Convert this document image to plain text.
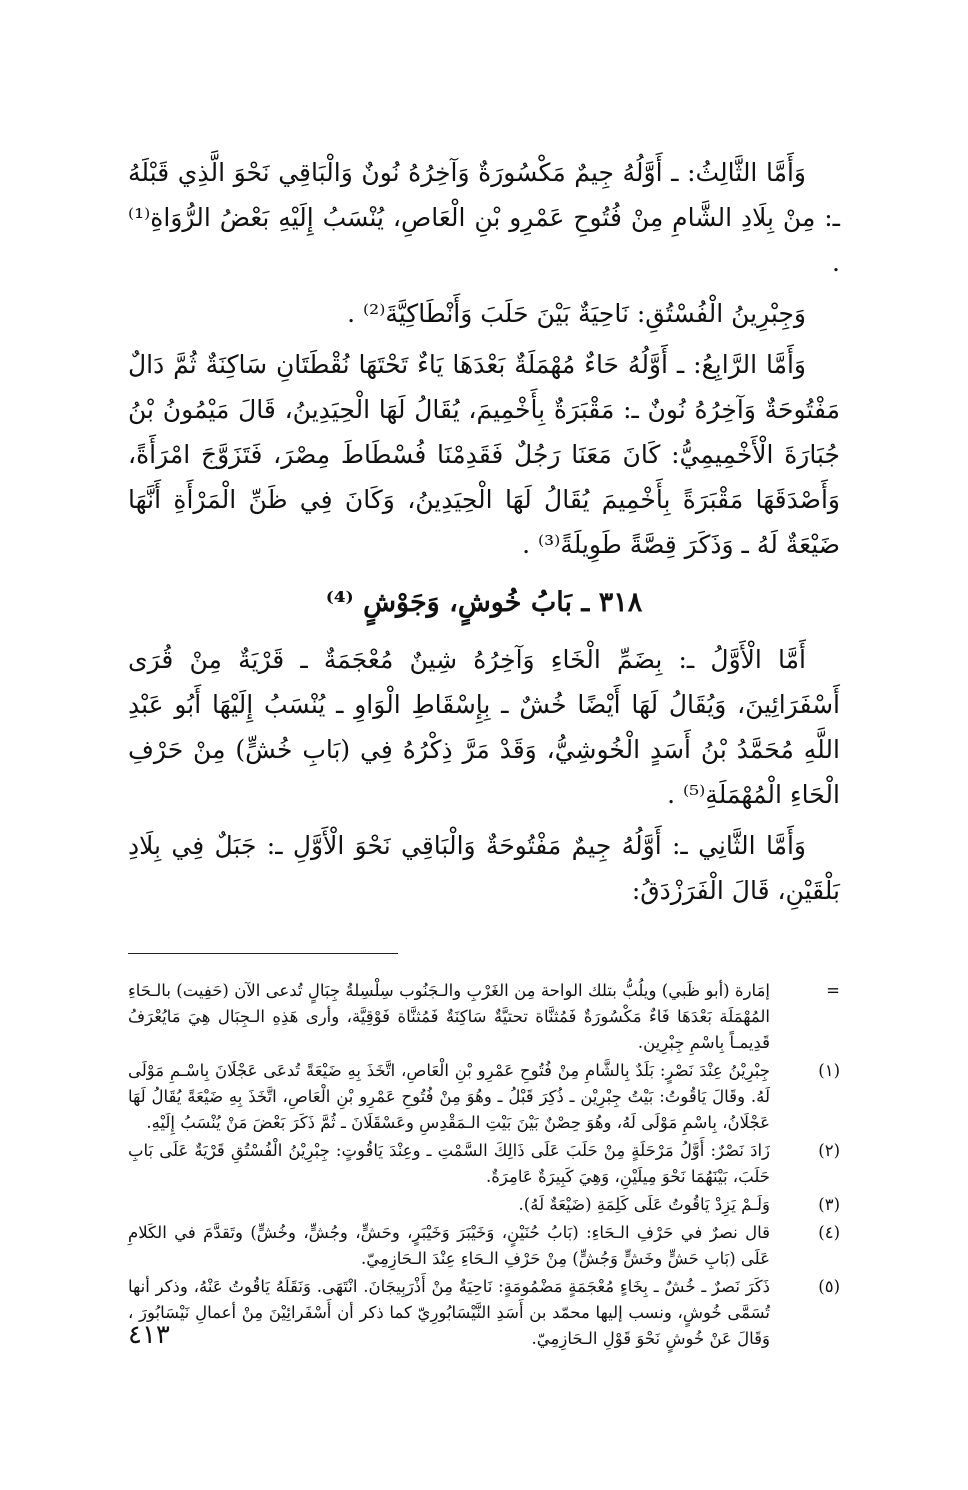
وَأَمَّا الثَّالِثُ: ـ أَوَّلُهُ جِيمٌ مَكْسُورَةٌ وَآخِرُهُ نُونٌ وَالْبَاقِي نَحْوَ الَّذِي قَبْلَهُ ـ: مِنْ بِلَادِ الشَّامِ مِنْ فُتُوحِ عَمْرِو بْنِ الْعَاصِ، يُنْسَبُ إِلَيْهِ بَعْضُ الرُّوَاةِ⁽¹⁾ .

وَجِبْرِينُ الْفُسْتُقِ: نَاحِيَةٌ بَيْنَ حَلَبَ وَأَنْطَاكِيَّةَ⁽²⁾ .

وَأَمَّا الرَّابِعُ: ـ أَوَّلُهُ حَاءٌ مُهْمَلَةٌ بَعْدَهَا يَاءٌ تَحْتَهَا نُقْطَتَانِ سَاكِنَةٌ ثُمَّ دَالٌ مَفْتُوحَةٌ وَآخِرُهُ نُونٌ ـ: مَقْبَرَةٌ بِأَخْمِيمَ، يُقَالُ لَهَا الْحِيَدِينُ، قَالَ مَيْمُونُ بْنُ جُبَارَةَ الْأَخْمِيمِيُّ: كَانَ مَعَنَا رَجُلٌ فَقَدِمْنَا فُسْطَاطَ مِصْرَ، فَتَزَوَّجَ امْرَأَةً، وَأَصْدَقَهَا مَقْبَرَةً بِأَخْمِيمَ يُقَالُ لَهَا الْحِيَدِينُ، وَكَانَ فِي ظَنِّ الْمَرْأَةِ أَنَّهَا ضَيْعَةٌ لَهُ ـ وَذَكَرَ قِصَّةً طَوِيلَةً⁽³⁾ .

٣١٨ ـ بَابُ خُوشٍ، وَجَوْشٍ ⁽⁴⁾

أَمَّا الْأَوَّلُ ـ: بِضَمِّ الْخَاءِ وَآخِرُهُ شِينٌ مُعْجَمَةٌ ـ قَرْيَةٌ مِنْ قُرَى أَسْفَرَائِينَ، وَيُقَالُ لَهَا أَيْضًا خُشٌ ـ بِإِسْقَاطِ الْوَاوِ ـ يُنْسَبُ إِلَيْهَا أَبُو عَبْدِ اللَّهِ مُحَمَّدُ بْنُ أَسَدٍ الْخُوشِيُّ، وَقَدْ مَرَّ ذِكْرُهُ فِي (بَابِ خُشٍّ) مِنْ حَرْفِ الْحَاءِ الْمُهْمَلَةِ⁽⁵⁾ .

وَأَمَّا الثَّانِي ـ: أَوَّلُهُ جِيمٌ مَفْتُوحَةٌ وَالْبَاقِي نَحْوَ الْأَوَّلِ ـ: جَبَلٌ فِي بِلَادِ بَلْقَيْنِ، قَالَ الْفَرَزْدَقُ:

=
إمَارة (أبو ظَبي) ويلُبُّ بتلك الواحة مِن الغَرْبِ والـجَنُوب سِلْسِلةُ جِبَالٍ تُدعى الآن (حَفِيت) بالـحَاءِ المُهْمَلَة بَعْدَهَا فَاءٌ مَكْسُورَةٌ فَمُثنَّاة تحتيَّةٌ سَاكِنَةٌ فَمُثنَّاة فَوْقِيَّة، وأرى هَذِهِ الـجِبَال هِيَ مَايُعْرَفُ قَدِيمـاً بِاسْمِ جِبْرِين.
(١)
جِبْرِيْنُ عِنْدَ نَصْرٍ: بَلَدٌ بِالشَّامِ مِنْ فُتُوحِ عَمْرِو بْنِ الْعَاصِ، اتَّخَذَ بِهِ ضَيْعَةً تُدعَى عَجْلَانَ بِاسْـمِ مَوْلَى لَهُ. وقَالَ يَاقُوتُ: بَيْتُ جِبْرِيْن ـ ذُكِرَ قَبْلُ ـ وهُوَ مِنْ فُتُوحِ عَمْرِو بْنِ الْعَاصِ، اتَّخَذَ بِهِ ضَيْعَةً يُقَالُ لَهَا عَجْلَانُ، بِاسْمِ مَوْلَى لَهُ، وهُوَ حِصْنٌ بَيْنَ بَيْتِ الـمَقْدِسِ وعَسْقَلَانَ ـ ثُمَّ ذَكَرَ بَعْضَ مَنْ يُنْسَبُ إِلَيْهِ.
(٢)
زَادَ نَصْرٌ: أَوَّلُ مَرْحَلَةٍ مِنْ حَلَبَ عَلَى ذَالِكَ السَّمْتِ ـ وعِنْدَ يَاقُوتٍ: جِبْرِيْنُ الْفُسْتُقِ قَرْيَةٌ عَلَى بَابِ حَلَبَ، بَيْنَهُمَا نَحْوَ مِيلَيْنِ، وَهِيَ كَبِيرَةٌ عَامِرَةٌ.
(٣)
وَلَـمْ يَزِدْ يَاقُوتُ عَلَى كَلِمَةِ (ضَيْعَةٌ لَهُ).
(٤)
قال نصرٌ في حَرْفِ الـحَاءِ: (بَابُ حُنَيْنٍ، وَخَيْبَرَ وَخَيْبَرٍ، وحَشٍّ، وجُشٍّ، وخُشٍّ) وتَقدَّمَ في الكَلامِ عَلَى (بَابِ حَشٍّ وخَشٍّ وَجُشٍّ) مِنْ حَرْفِ الـحَاءِ عِنْدَ الـحَازِمِيّ.
(٥)
ذَكَرَ نَصرٌ ـ خُشٌ ـ بِخَاءٍ مُعْجَمَةٍ مَضْمُومَةٍ: نَاحِيَةٌ مِنْ أَذْرَبِيجَانَ. انْتَهَى. وَنَقَلَهُ يَاقُوتُ عَنْهُ، وذكر أنها تُسَمَّى خُوشٍ، ونسب إليها محمّد بن أَسَدِ النَّيْسَابُورِيّ كما ذكر أن أَسْفَرائِيْنَ مِنْ أعمالِ نَيْسَابُورَ ، وَقَالَ عَنْ خُوشٍ نَحْوَ قَوْلِ الـحَازِمِيّ.
٤١٣
